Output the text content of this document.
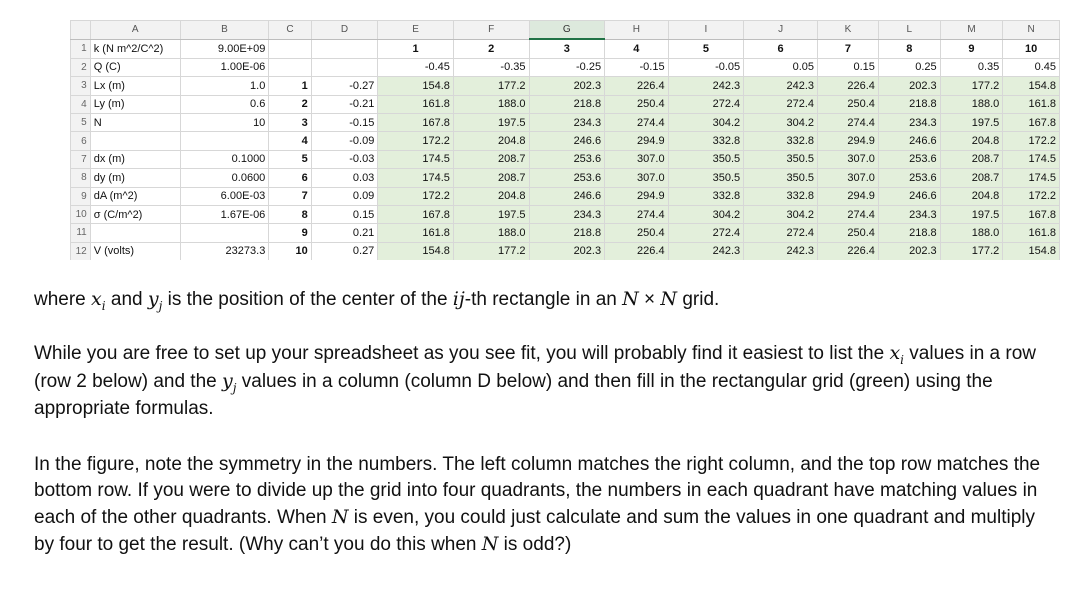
	A	B	C	D	E	F	G	H	I	J	K	L	M	N
1	k (N m^2/C^2)	9.00E+09			1	2	3	4	5	6	7	8	9	10
2	Q (C)	1.00E-06			-0.45	-0.35	-0.25	-0.15	-0.05	0.05	0.15	0.25	0.35	0.45
3	Lx (m)	1.0	1	-0.27	154.8	177.2	202.3	226.4	242.3	242.3	226.4	202.3	177.2	154.8
4	Ly (m)	0.6	2	-0.21	161.8	188.0	218.8	250.4	272.4	272.4	250.4	218.8	188.0	161.8
5	N	10	3	-0.15	167.8	197.5	234.3	274.4	304.2	304.2	274.4	234.3	197.5	167.8
6			4	-0.09	172.2	204.8	246.6	294.9	332.8	332.8	294.9	246.6	204.8	172.2
7	dx (m)	0.1000	5	-0.03	174.5	208.7	253.6	307.0	350.5	350.5	307.0	253.6	208.7	174.5
8	dy (m)	0.0600	6	0.03	174.5	208.7	253.6	307.0	350.5	350.5	307.0	253.6	208.7	174.5
9	dA (m^2)	6.00E-03	7	0.09	172.2	204.8	246.6	294.9	332.8	332.8	294.9	246.6	204.8	172.2
10	σ (C/m^2)	1.67E-06	8	0.15	167.8	197.5	234.3	274.4	304.2	304.2	274.4	234.3	197.5	167.8
11			9	0.21	161.8	188.0	218.8	250.4	272.4	272.4	250.4	218.8	188.0	161.8
12	V (volts)	23273.3	10	0.27	154.8	177.2	202.3	226.4	242.3	242.3	226.4	202.3	177.2	154.8

where $x_i$ and $y_j$ is the position of the center of the ij-th rectangle in an N × N grid.

While you are free to set up your spreadsheet as you see fit, you will probably find it easiest to list the $x_i$ values in a row (row 2 below) and the $y_j$ values in a column (column D below) and then fill in the rectangular grid (green) using the appropriate formulas.

In the figure, note the symmetry in the numbers. The left column matches the right column, and the top row matches the bottom row. If you were to divide up the grid into four quadrants, the numbers in each quadrant have matching values in each of the other quadrants. When N is even, you could just calculate and sum the values in one quadrant and multiply by four to get the result. (Why can’t you do this when N is odd?)
